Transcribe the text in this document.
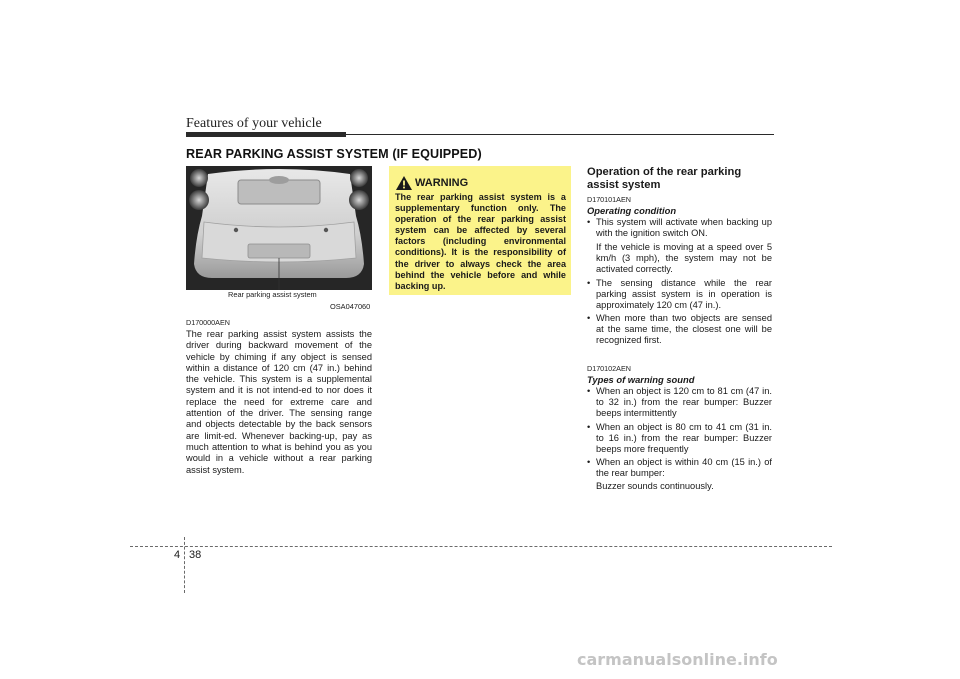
Features of your vehicle
REAR PARKING ASSIST SYSTEM (IF EQUIPPED)
Rear parking assist system
OSA047060
D170000AEN
The rear parking assist system assists the driver during backward movement of the vehicle by chiming if any object is sensed within a distance of 120 cm (47 in.) behind the vehicle. This system is a supplemental system and it is not intend-ed to nor does it replace the need for extreme care and attention of the driver. The sensing range and objects detectable by the back sensors are limit-ed. Whenever backing-up, pay as much attention to what is behind you as you would in a vehicle without a rear parking assist system.
WARNING
The rear parking assist system is a supplementary function only. The operation of the rear parking assist system can be affected by several factors (including environmental conditions). It is the responsibility of the driver to always check the area behind the vehicle before and while backing up.
Operation of the rear parking assist system
D170101AEN
Operating condition
• This system will activate when backing up with the ignition switch ON.
If the vehicle is moving at a speed over 5 km/h (3 mph), the system may not be activated correctly.
• The sensing distance while the rear parking assist system is in operation is approximately 120 cm (47 in.).
• When more than two objects are sensed at the same time, the closest one will be recognized first.
D170102AEN
Types of warning sound
• When an object is 120 cm to 81 cm (47 in. to 32 in.) from the rear bumper: Buzzer beeps intermittently
• When an object is 80 cm to 41 cm (31 in. to 16 in.) from the rear bumper: Buzzer beeps more frequently
• When an object is within 40 cm (15 in.) of the rear bumper:
Buzzer sounds continuously.
4 38
carmanualsonline.info
